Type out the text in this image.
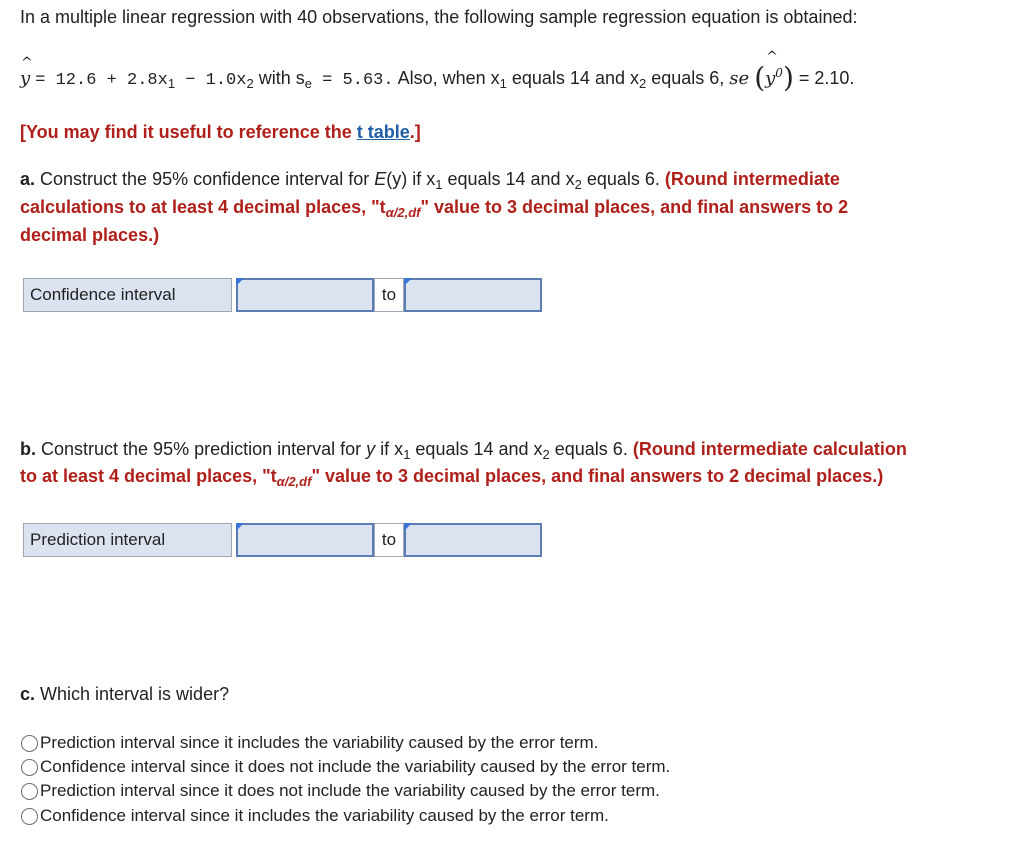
In a multiple linear regression with 40 observations, the following sample regression equation is obtained:
^
$y = 12.6 + 2.8x_1 - 1.0x_2$ with $s_e = 5.63$. Also, when $x_1$ equals 14 and $x_2$ equals 6, se (
^
$y^0) = 2.10$.
[You may find it useful to reference the t table.]
a. Construct the 95% confidence interval for E(y) if $x_1$ equals 14 and $x_2$ equals 6. (Round intermediate
calculations to at least 4 decimal places, "$t_{\alpha/2,df}$" value to 3 decimal places, and final answers to 2
decimal places.)
Confidence interval	to
b. Construct the 95% prediction interval for y if $x_1$ equals 14 and $x_2$ equals 6. (Round intermediate calculation
to at least 4 decimal places, "$t_{\alpha/2,df}$" value to 3 decimal places, and final answers to 2 decimal places.)
Prediction interval	to
c. Which interval is wider?
Prediction interval since it includes the variability caused by the error term.
Confidence interval since it does not include the variability caused by the error term.
Prediction interval since it does not include the variability caused by the error term.
Confidence interval since it includes the variability caused by the error term.
